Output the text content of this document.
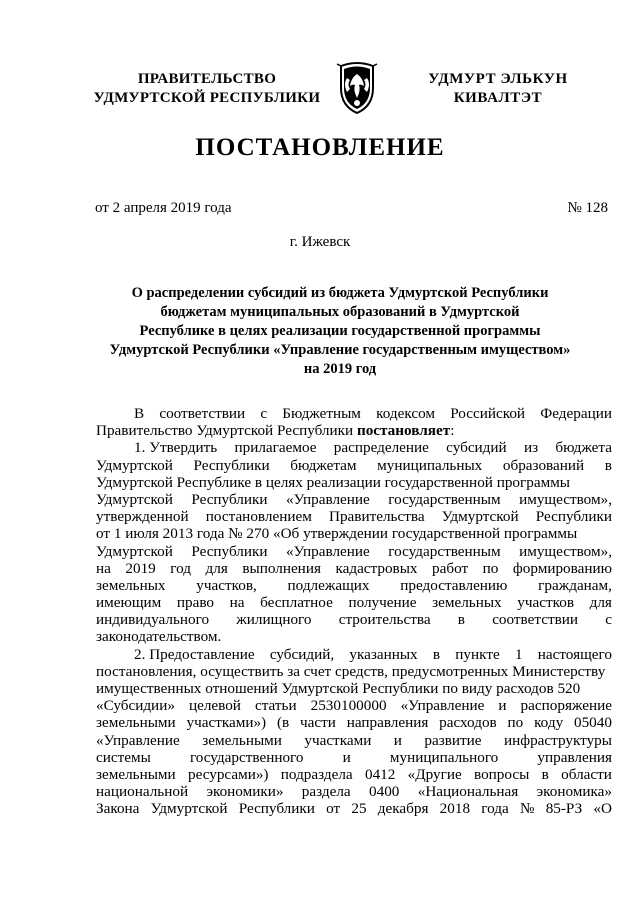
ПРАВИТЕЛЬСТВО
УДМУРТСКОЙ РЕСПУБЛИКИ
УДМУРТ ЭЛЬКУН
КИВАЛТЭТ
ПОСТАНОВЛЕНИЕ
от 2 апреля 2019 года	№ 128
г. Ижевск
О распределении субсидий из бюджета Удмуртской Республики
бюджетам муниципальных образований в Удмуртской
Республике в целях реализации государственной программы
Удмуртской Республики «Управление государственным имуществом»
на 2019 год
В соответствии с Бюджетным кодексом Российской Федерации
Правительство Удмуртской Республики
постановляет :
1. Утвердить прилагаемое распределение субсидий из бюджета
Удмуртской Республики бюджетам муниципальных образований в
Удмуртской Республике в целях реализации государственной программы
Удмуртской Республики «Управление государственным имуществом»,
утвержденной постановлением Правительства Удмуртской Республики
от 1 июля 2013 года № 270 «Об утверждении государственной программы
Удмуртской Республики «Управление государственным имуществом»,
на 2019 год для выполнения кадастровых работ по формированию
земельных участков, подлежащих предоставлению гражданам,
имеющим право на бесплатное получение земельных участков для
индивидуального жилищного строительства в соответствии с
законодательством.
2. Предоставление субсидий, указанных в пункте 1 настоящего
постановления, осуществить за счет средств, предусмотренных Министерству
имущественных отношений Удмуртской Республики по виду расходов 520
«Субсидии» целевой статьи 2530100000 «Управление и распоряжение
земельными участками») (в части направления расходов по коду 05040
«Управление земельными участками и развитие инфраструктуры
системы	государственного	и	муниципального	управления
земельными ресурсами») подраздела 0412 «Другие вопросы в области
национальной экономики» раздела 0400 «Национальная экономика»
Закона Удмуртской Республики от 25 декабря 2018 года № 85-РЗ «О
